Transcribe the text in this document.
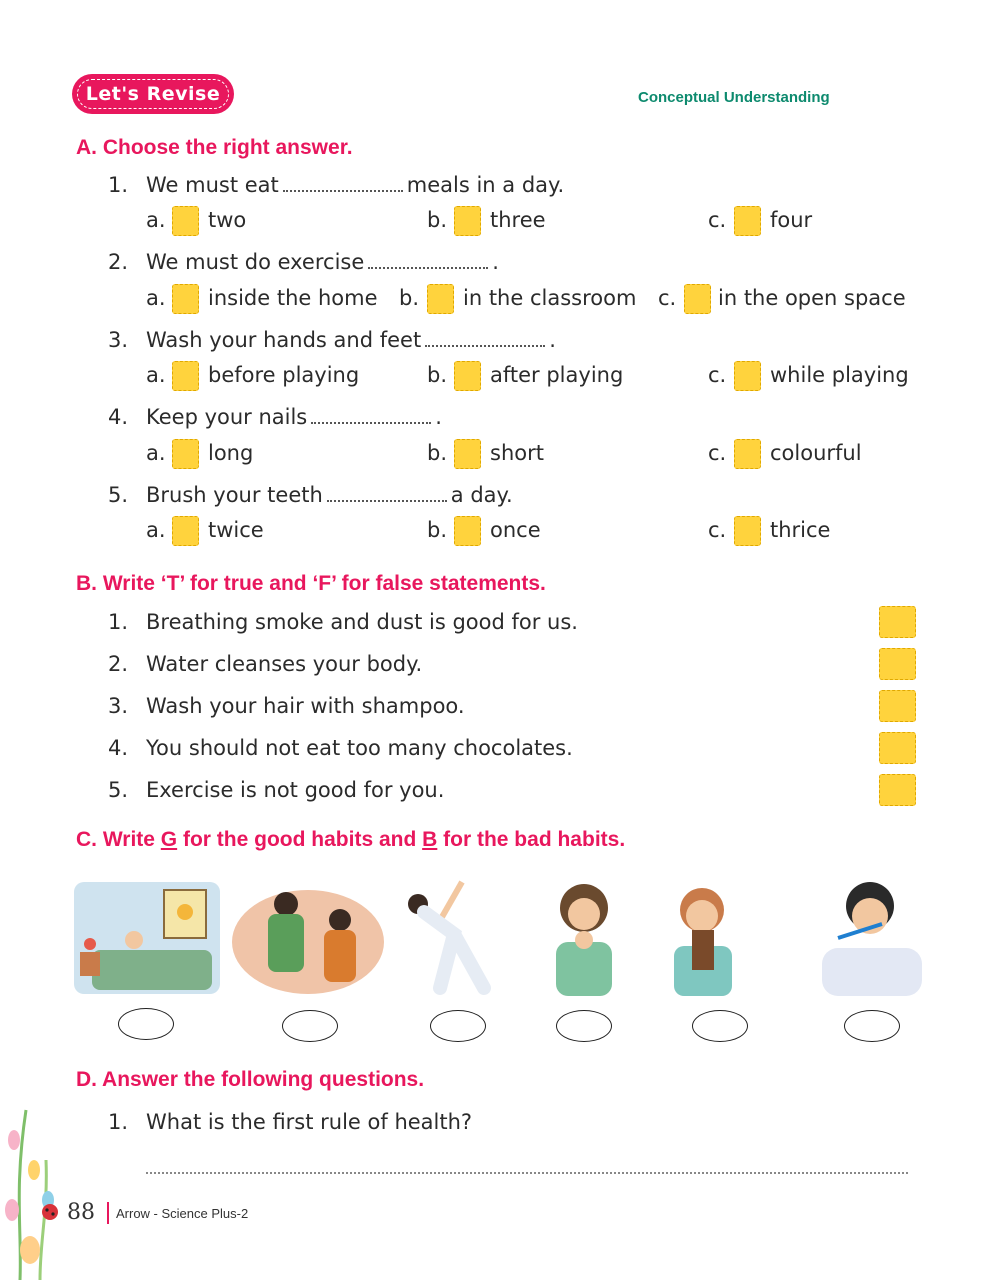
Let's Revise	Conceptual Understanding
A. Choose the right answer.
1. We must eat	meals in a day.
a. two	b. three	c. four
2. We must do exercise	.
a. inside the home b. in the classroom c. in the open space
3. Wash your hands and feet	.
a. before playing	b. after playing	c. while playing
4. Keep your nails	.
a. long	b. short	c. colourful
5. Brush your teeth	a day.
a. twice	b. once	c. thrice
B. Write ‘T’ for true and ‘F’ for false statements.
1. Breathing smoke and dust is good for us.
2. Water cleanses your body.
3. Wash your hair with shampoo.
4. You should not eat too many chocolates.
5. Exercise is not good for you.
C. Write G for the good habits and B for the bad habits.
D. Answer the following questions.
1. What is the first rule of health?
88 Arrow - Science Plus-2
